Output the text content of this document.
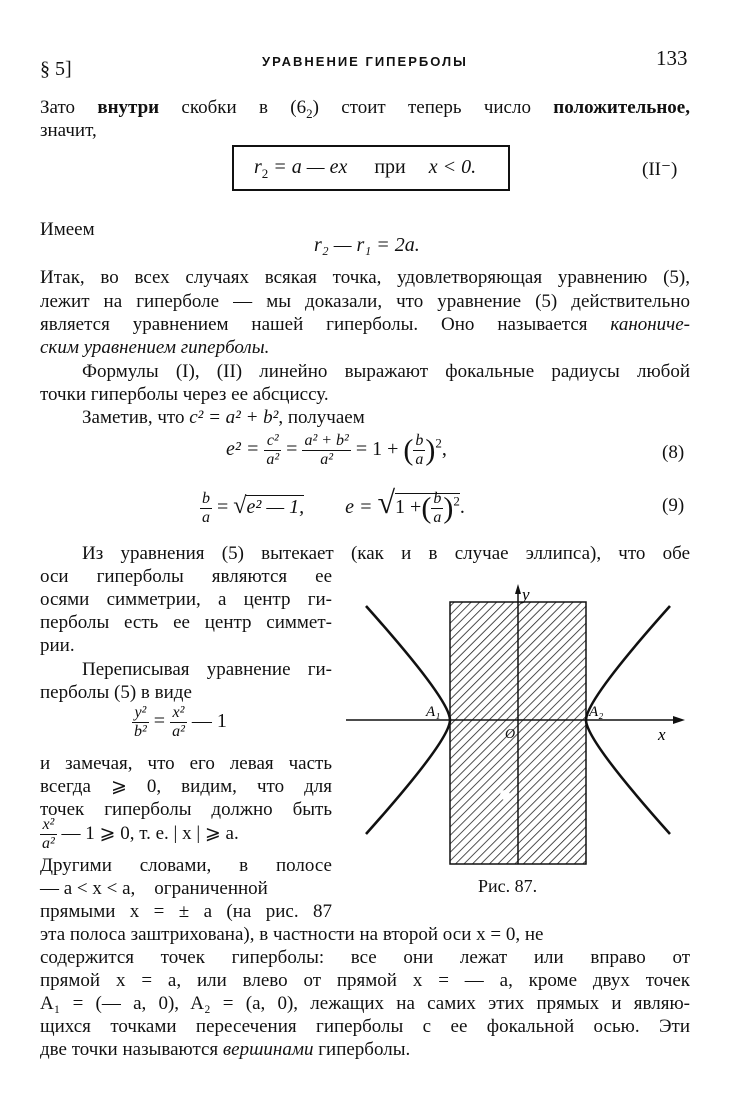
§ 5]	УРАВНЕНИЕ ГИПЕРБОЛЫ	133
Зато внутри скобки в $(6_2)$ стоит теперь число положительное,
значит,
$r_2 = a$ — ex при x < 0.	(II⁻)
Имеем
r₂ — r₁ = 2a.
Итак, во всех случаях всякая точка, удовлетворяющая уравнению (5),
лежит на гиперболе — мы доказали, что уравнение (5) действительно
является уравнением нашей гиперболы. Оно называется канониче-
ским уравнением гиперболы.
Формулы (I), (II) линейно выражают фокальные радиусы любой
точки гиперболы через ее абсциссу.
Заметив, что c² = a² + b², получаем
$e^2 = \frac{\text{c²}}{\text{a²}} = \frac{\text{a² + b²}}{\text{a²}} = 1$ + ( $\frac{b}{a} )^2$,	(8)
$\frac{b}{a} = √e^2$ — 1, e = √1 +( $\frac{b}{a} )^2$.	(9)
Из уравнения (5) вытекает (как и в случае эллипса), что обе
оси гиперболы являются ее
осями симметрии, а центр ги-
перболы есть ее центр симмет-
рии.
Переписывая уравнение ги-
перболы (5) в виде
$\frac{\text{y²}}{\text{b²}} = \frac{\text{x²}}{\text{a²}}$ — 1
и замечая, что его левая часть
всегда ⩾ 0, видим, что для
точек гиперболы должно быть
$\frac{\text{x²}}{\text{a²}}$ — 1 ⩾ 0, т. е. | x | ⩾ a.
Другими словами, в полосе
— a < x < a,    ограниченной
прямыми x = ± a (на рис. 87
эта полоса заштрихована), в частности на второй оси x = 0, не
содержится точек гиперболы: все они лежат или вправо от
прямой x = a, или влево от прямой x = — a, кроме двух точек
A₁ = (— a, 0), A₂ = (a, 0), лежащих на самих этих прямых и являю-
щихся точками пересечения гиперболы с ее фокальной осью. Эти
две точки называются вершинами гиперболы.
y
x
O
A₁	A₂
Рис. 87.
